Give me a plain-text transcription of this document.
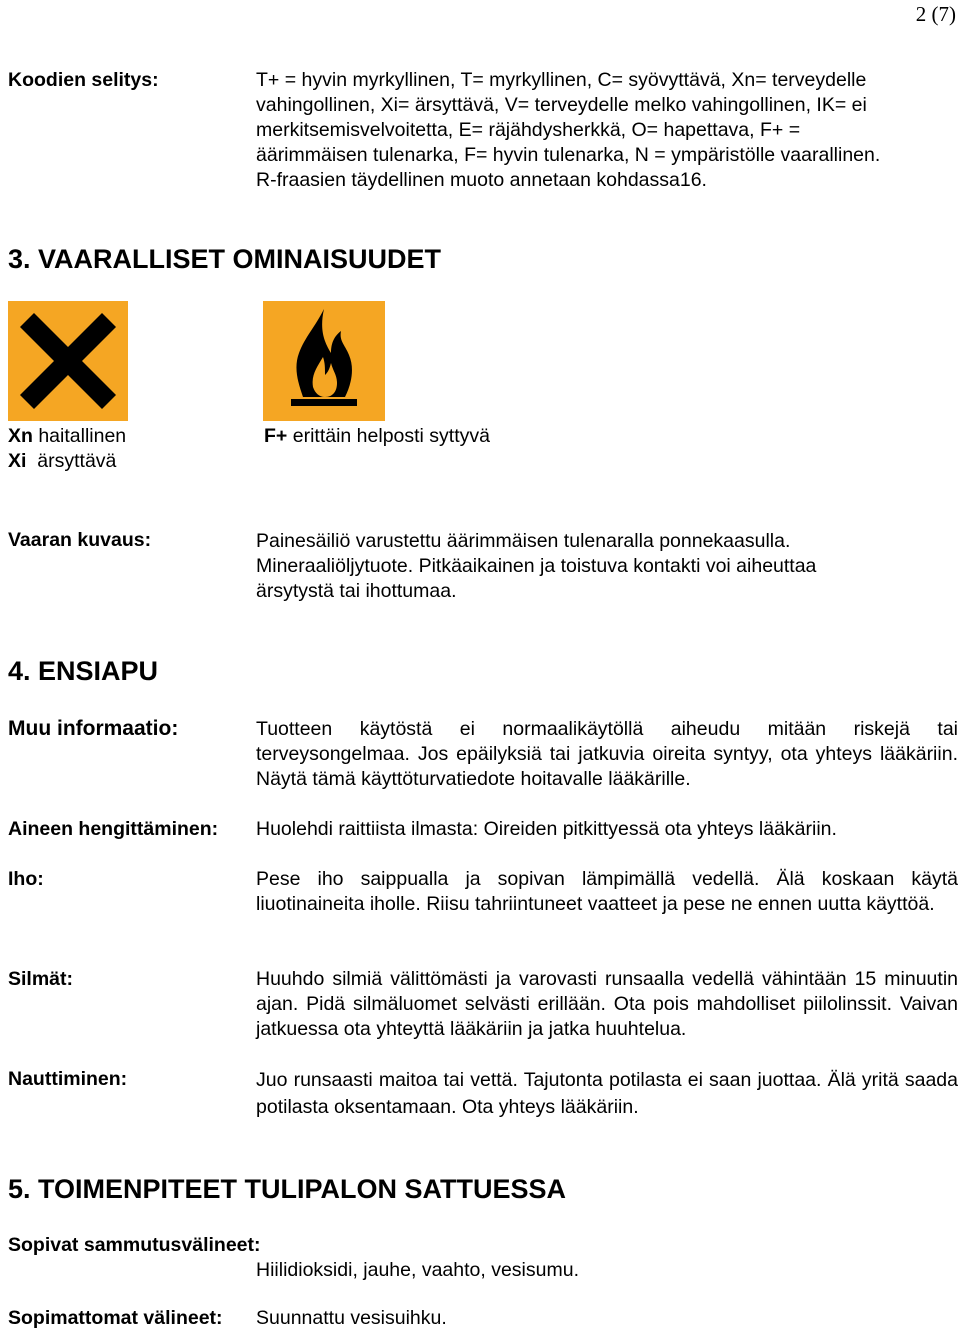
2 (7)
Koodien selitys:	T+ = hyvin myrkyllinen, T= myrkyllinen, C= syövyttävä, Xn= terveydelle
vahingollinen, Xi= ärsyttävä, V= terveydelle melko vahingollinen, IK= ei
merkitsemisvelvoitetta, E= räjähdysherkkä, O= hapettava, F+ =
äärimmäisen tulenarka, F= hyvin tulenarka, N = ympäristölle vaarallinen.
R-fraasien täydellinen muoto annetaan kohdassa16.
3. VAARALLISET OMINAISUUDET
Xn haitallinen
Xi  ärsyttävä
F+ erittäin helposti syttyvä
Vaaran kuvaus:	Painesäiliö varustettu äärimmäisen tulenaralla ponnekaasulla.
Mineraaliöljytuote. Pitkäaikainen ja toistuva kontakti voi aiheuttaa
ärsytystä tai ihottumaa.
4. ENSIAPU
Muu informaatio:	Tuotteen käytöstä ei normaalikäytöllä aiheudu mitään riskejä tai terveysongelmaa. Jos epäilyksiä tai jatkuvia oireita syntyy, ota yhteys lääkäriin. Näytä tämä käyttöturvatiedote hoitavalle lääkärille.
Aineen hengittäminen: Huolehdi raittiista ilmasta: Oireiden pitkittyessä ota yhteys lääkäriin.
Iho:	Pese iho saippualla ja sopivan lämpimällä vedellä. Älä koskaan käytä liuotinaineita iholle. Riisu tahriintuneet vaatteet ja pese ne ennen uutta käyttöä.
Silmät:	Huuhdo silmiä välittömästi ja varovasti runsaalla vedellä vähintään 15 minuutin ajan. Pidä silmäluomet selvästi erillään. Ota pois mahdolliset piilolinssit. Vaivan jatkuessa ota yhteyttä lääkäriin ja jatka huuhtelua.
Nauttiminen:	Juo runsaasti maitoa tai vettä. Tajutonta potilasta ei saan juottaa. Älä yritä saada potilasta oksentamaan. Ota yhteys lääkäriin.
5. TOIMENPITEET TULIPALON SATTUESSA
Sopivat sammutusvälineet:
Hiilidioksidi, jauhe, vaahto, vesisumu.
Sopimattomat välineet: Suunnattu vesisuihku.
